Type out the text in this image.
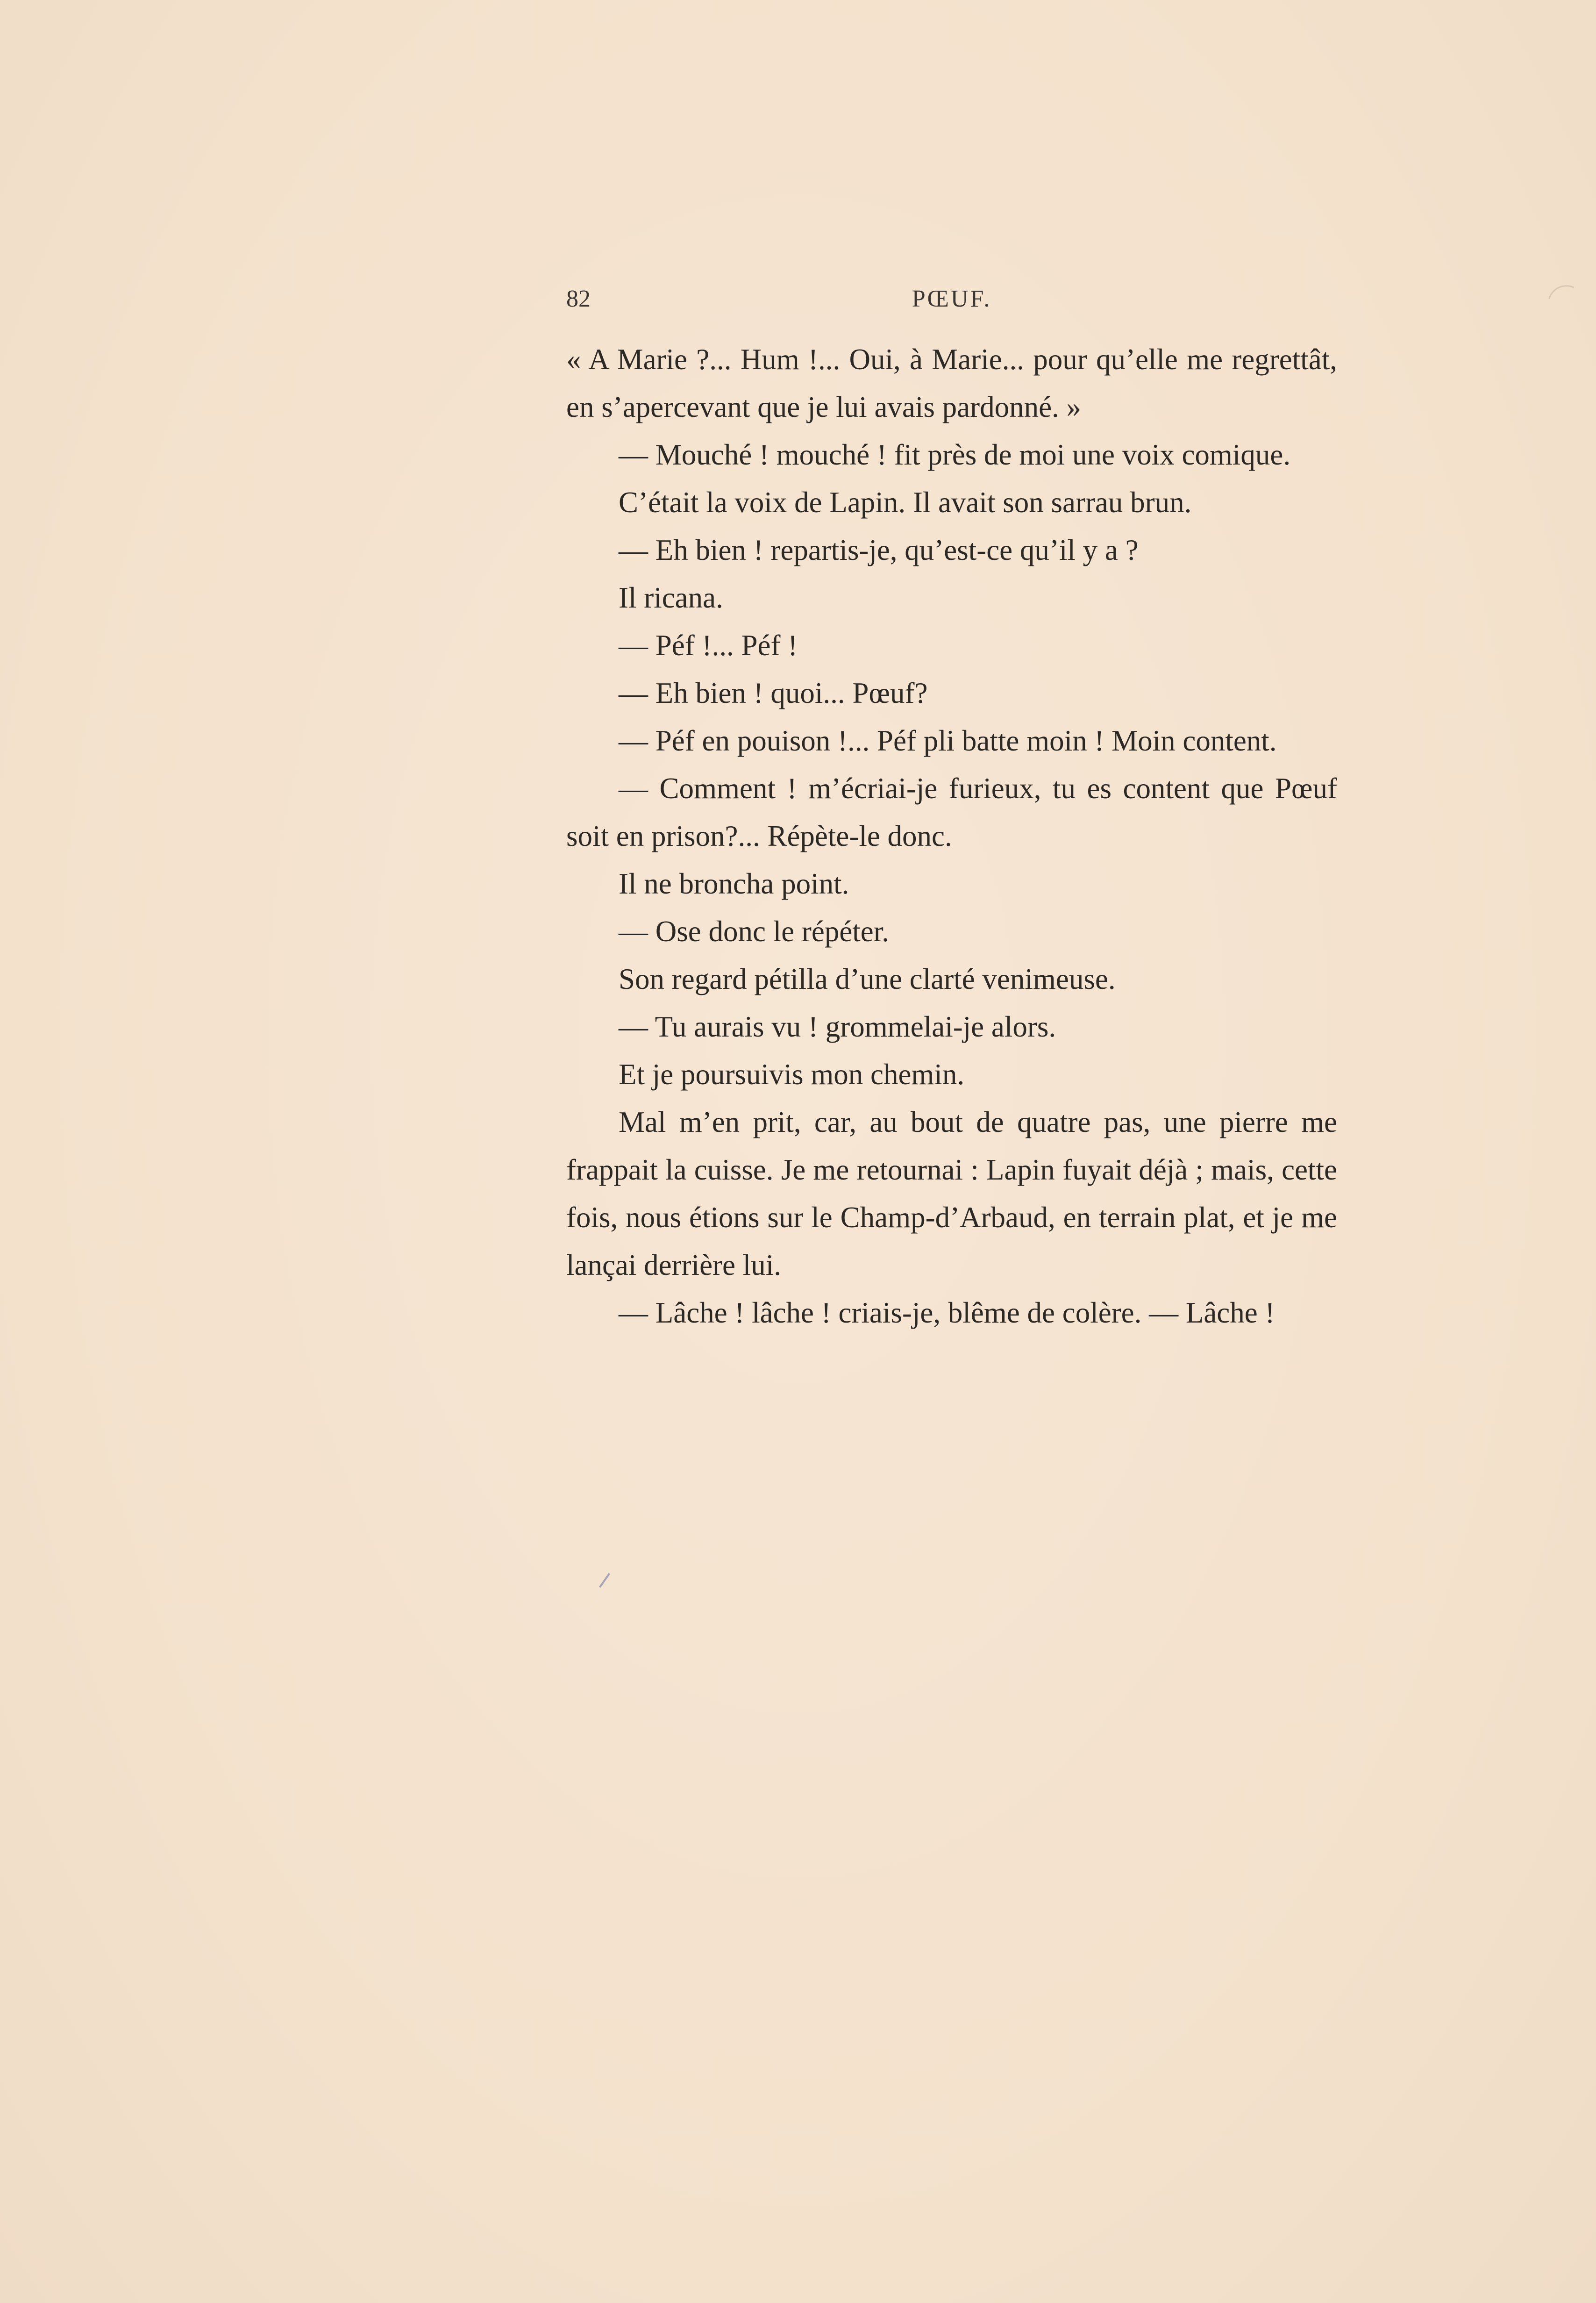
82	PŒUF.

« A Marie ?... Hum !... Oui, à Marie... pour qu’elle me regrettât, en s’apercevant que je lui avais pardonné. »

— Mouché ! mouché ! fit près de moi une voix comique.

C’était la voix de Lapin. Il avait son sarrau brun.

— Eh bien ! repartis-je, qu’est-ce qu’il y a ?

Il ricana.

— Péf !... Péf !

— Eh bien ! quoi... Pœuf?

— Péf en pouison !... Péf pli batte moin ! Moin content.

— Comment ! m’écriai-je furieux, tu es content que Pœuf soit en prison?... Répète-le donc.

Il ne broncha point.

— Ose donc le répéter.

Son regard pétilla d’une clarté venimeuse.

— Tu aurais vu ! grommelai-je alors.

Et je poursuivis mon chemin.

Mal m’en prit, car, au bout de quatre pas, une pierre me frappait la cuisse. Je me retournai : Lapin fuyait déjà ; mais, cette fois, nous étions sur le Champ-d’Arbaud, en terrain plat, et je me lançai derrière lui.

— Lâche ! lâche ! criais-je, blême de colère. — Lâche !
